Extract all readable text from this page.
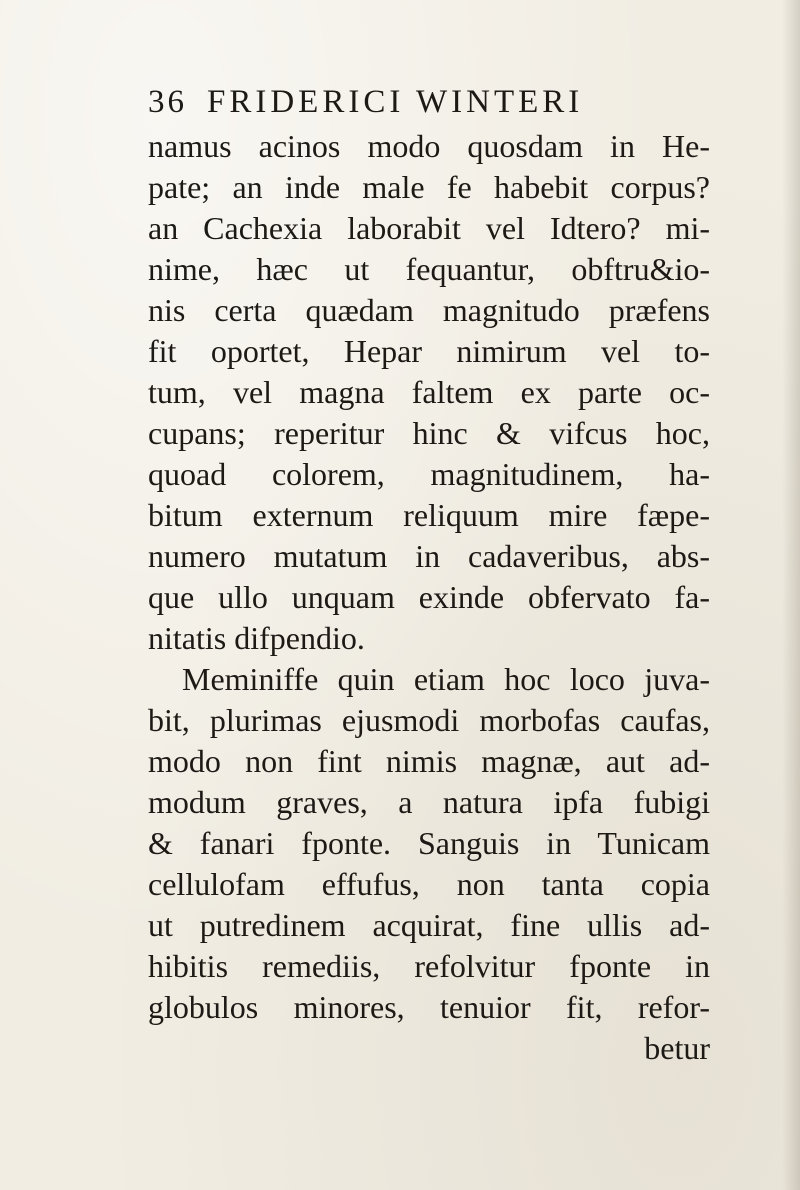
36 FRIDERICI WINTERI
namus acinos modo quosdam in He-
pate; an inde male fe habebit corpus?
an Cachexia laborabit vel Idtero? mi-
nime, hæc ut fequantur, obftru&io-
nis certa quædam magnitudo præfens
fit oportet, Hepar nimirum vel to-
tum, vel magna faltem ex parte oc-
cupans; reperitur hinc & vifcus hoc,
quoad colorem, magnitudinem, ha-
bitum externum reliquum mire fæpe-
numero mutatum in cadaveribus, abs-
que ullo unquam exinde obfervato fa-
nitatis difpendio.
Meminiffe quin etiam hoc loco juva-
bit, plurimas ejusmodi morbofas caufas,
modo non fint nimis magnæ, aut ad-
modum graves, a natura ipfa fubigi
& fanari fponte. Sanguis in Tunicam
cellulofam effufus, non tanta copia
ut putredinem acquirat, fine ullis ad-
hibitis remediis, refolvitur fponte in
globulos minores, tenuior fit, refor-
betur
